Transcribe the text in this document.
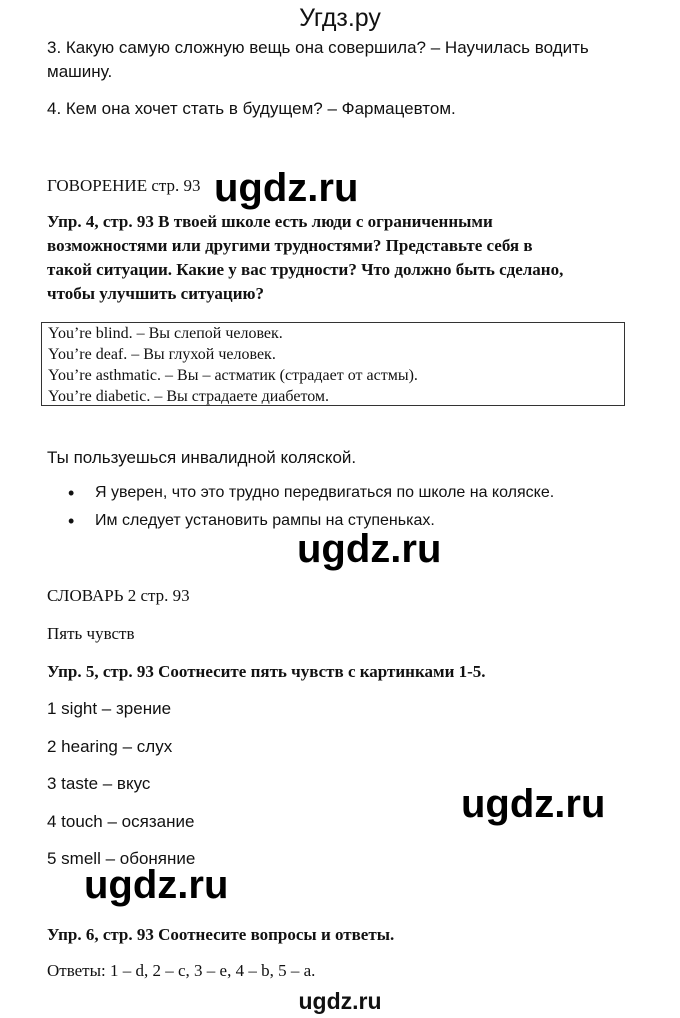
Угдз.ру
3. Какую самую сложную вещь она совершила? – Научилась водить
машину.
4. Кем она хочет стать в будущем? – Фармацевтом.
ГОВОРЕНИЕ стр. 93 ugdz.ru
Упр. 4, стр. 93 В твоей школе есть люди с ограниченными
возможностями или другими трудностями? Представьте себя в
такой ситуации. Какие у вас трудности? Что должно быть сделано,
чтобы улучшить ситуацию?
You’re blind. – Вы слепой человек.
You’re deaf. – Вы глухой человек.
You’re asthmatic. – Вы – астматик (страдает от астмы).
You’re diabetic. – Вы страдаете диабетом.
Ты пользуешься инвалидной коляской.
• Я уверен, что это трудно передвигаться по школе на коляске.
• Им следует установить рампы на ступеньках.
ugdz.ru
СЛОВАРЬ 2 стр. 93
Пять чувств
Упр. 5, стр. 93 Соотнесите пять чувств с картинками 1-5.
1 sight – зрение
2 hearing – слух
3 taste – вкус
4 touch – осязание
5 smell – обоняние
ugdz.ru
ugdz.ru
Упр. 6, стр. 93 Соотнесите вопросы и ответы.
Ответы: 1 – d, 2 – c, 3 – e, 4 – b, 5 – a.
ugdz.ru
